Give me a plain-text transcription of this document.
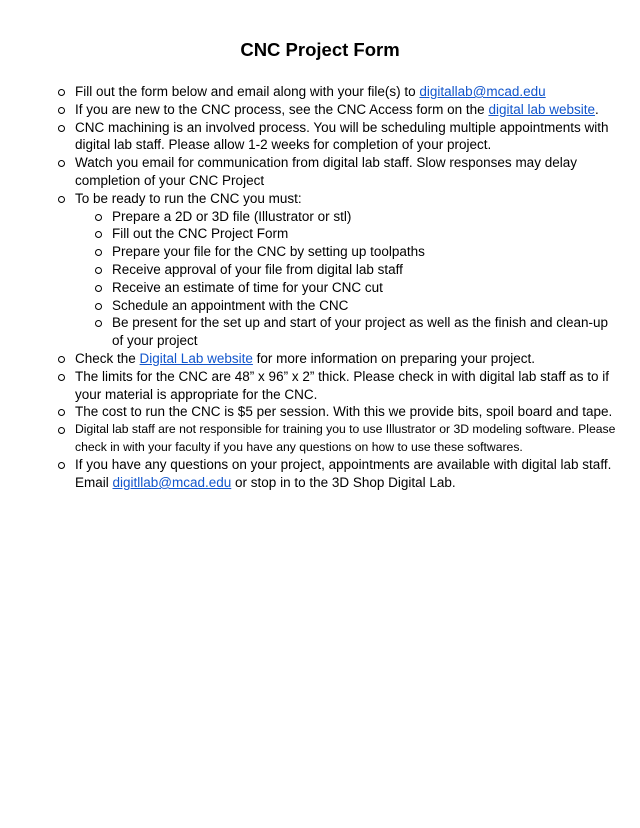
CNC Project Form
Fill out the form below and email along with your file(s) to digitallab@mcad.edu
If you are new to the CNC process, see the CNC Access form on the digital lab website.
CNC machining is an involved process. You will be scheduling multiple appointments with digital lab staff. Please allow 1-2 weeks for completion of your project.
Watch you email for communication from digital lab staff. Slow responses may delay completion of your CNC Project
To be ready to run the CNC you must:
Prepare a 2D or 3D file (Illustrator or stl)
Fill out the CNC Project Form
Prepare your file for the CNC by setting up toolpaths
Receive approval of your file from digital lab staff
Receive an estimate of time for your CNC cut
Schedule an appointment with the CNC
Be present for the set up and start of your project as well as the finish and clean-up of your project
Check the Digital Lab website for more information on preparing your project.
The limits for the CNC are 48” x 96” x 2” thick. Please check in with digital lab staff as to if your material is appropriate for the CNC.
The cost to run the CNC is $5 per session. With this we provide bits, spoil board and tape.
Digital lab staff are not responsible for training you to use Illustrator or 3D modeling software. Please check in with your faculty if you have any questions on how to use these softwares.
If you have any questions on your project, appointments are available with digital lab staff. Email digitllab@mcad.edu or stop in to the 3D Shop Digital Lab.
